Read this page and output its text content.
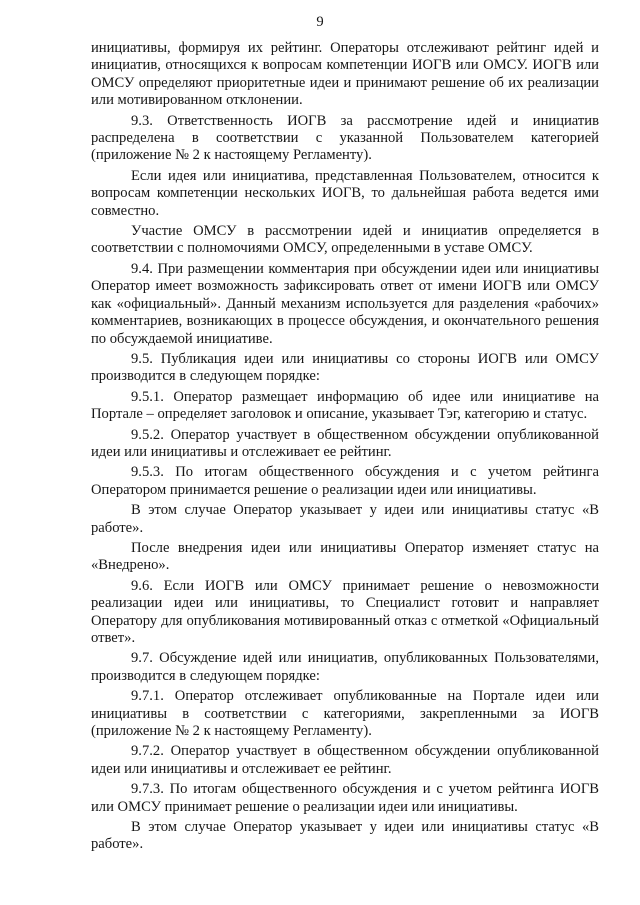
9

инициативы, формируя их рейтинг. Операторы отслеживают рейтинг идей и инициатив, относящихся к вопросам компетенции ИОГВ или ОМСУ. ИОГВ или ОМСУ определяют приоритетные идеи и принимают решение об их реализации или мотивированном отклонении.

9.3. Ответственность ИОГВ за рассмотрение идей и инициатив распределена в соответствии с указанной Пользователем категорией (приложение № 2 к настоящему Регламенту).

Если идея или инициатива, представленная Пользователем, относится к вопросам компетенции нескольких ИОГВ, то дальнейшая работа ведется ими совместно.

Участие ОМСУ в рассмотрении идей и инициатив определяется в соответствии с полномочиями ОМСУ, определенными в уставе ОМСУ.

9.4. При размещении комментария при обсуждении идеи или инициативы Оператор имеет возможность зафиксировать ответ от имени ИОГВ или ОМСУ как «официальный». Данный механизм используется для разделения «рабочих» комментариев, возникающих в процессе обсуждения, и окончательного решения по обсуждаемой инициативе.

9.5. Публикация идеи или инициативы со стороны ИОГВ или ОМСУ производится в следующем порядке:

9.5.1. Оператор размещает информацию об идее или инициативе на Портале – определяет заголовок и описание, указывает Тэг, категорию и статус.

9.5.2. Оператор участвует в общественном обсуждении опубликованной идеи или инициативы и отслеживает ее рейтинг.

9.5.3. По итогам общественного обсуждения и с учетом рейтинга Оператором принимается решение о реализации идеи или инициативы.

В этом случае Оператор указывает у идеи или инициативы статус «В работе».

После внедрения идеи или инициативы Оператор изменяет статус на «Внедрено».

9.6. Если ИОГВ или ОМСУ принимает решение о невозможности реализации идеи или инициативы, то Специалист готовит и направляет Оператору для опубликования мотивированный отказ с отметкой «Официальный ответ».

9.7. Обсуждение идей или инициатив, опубликованных Пользователями, производится в следующем порядке:

9.7.1. Оператор отслеживает опубликованные на Портале идеи или инициативы в соответствии с категориями, закрепленными за ИОГВ (приложение № 2 к настоящему Регламенту).

9.7.2. Оператор участвует в общественном обсуждении опубликованной идеи или инициативы и отслеживает ее рейтинг.

9.7.3. По итогам общественного обсуждения и с учетом рейтинга ИОГВ или ОМСУ принимает решение о реализации идеи или инициативы.

В этом случае Оператор указывает у идеи или инициативы статус «В работе».
